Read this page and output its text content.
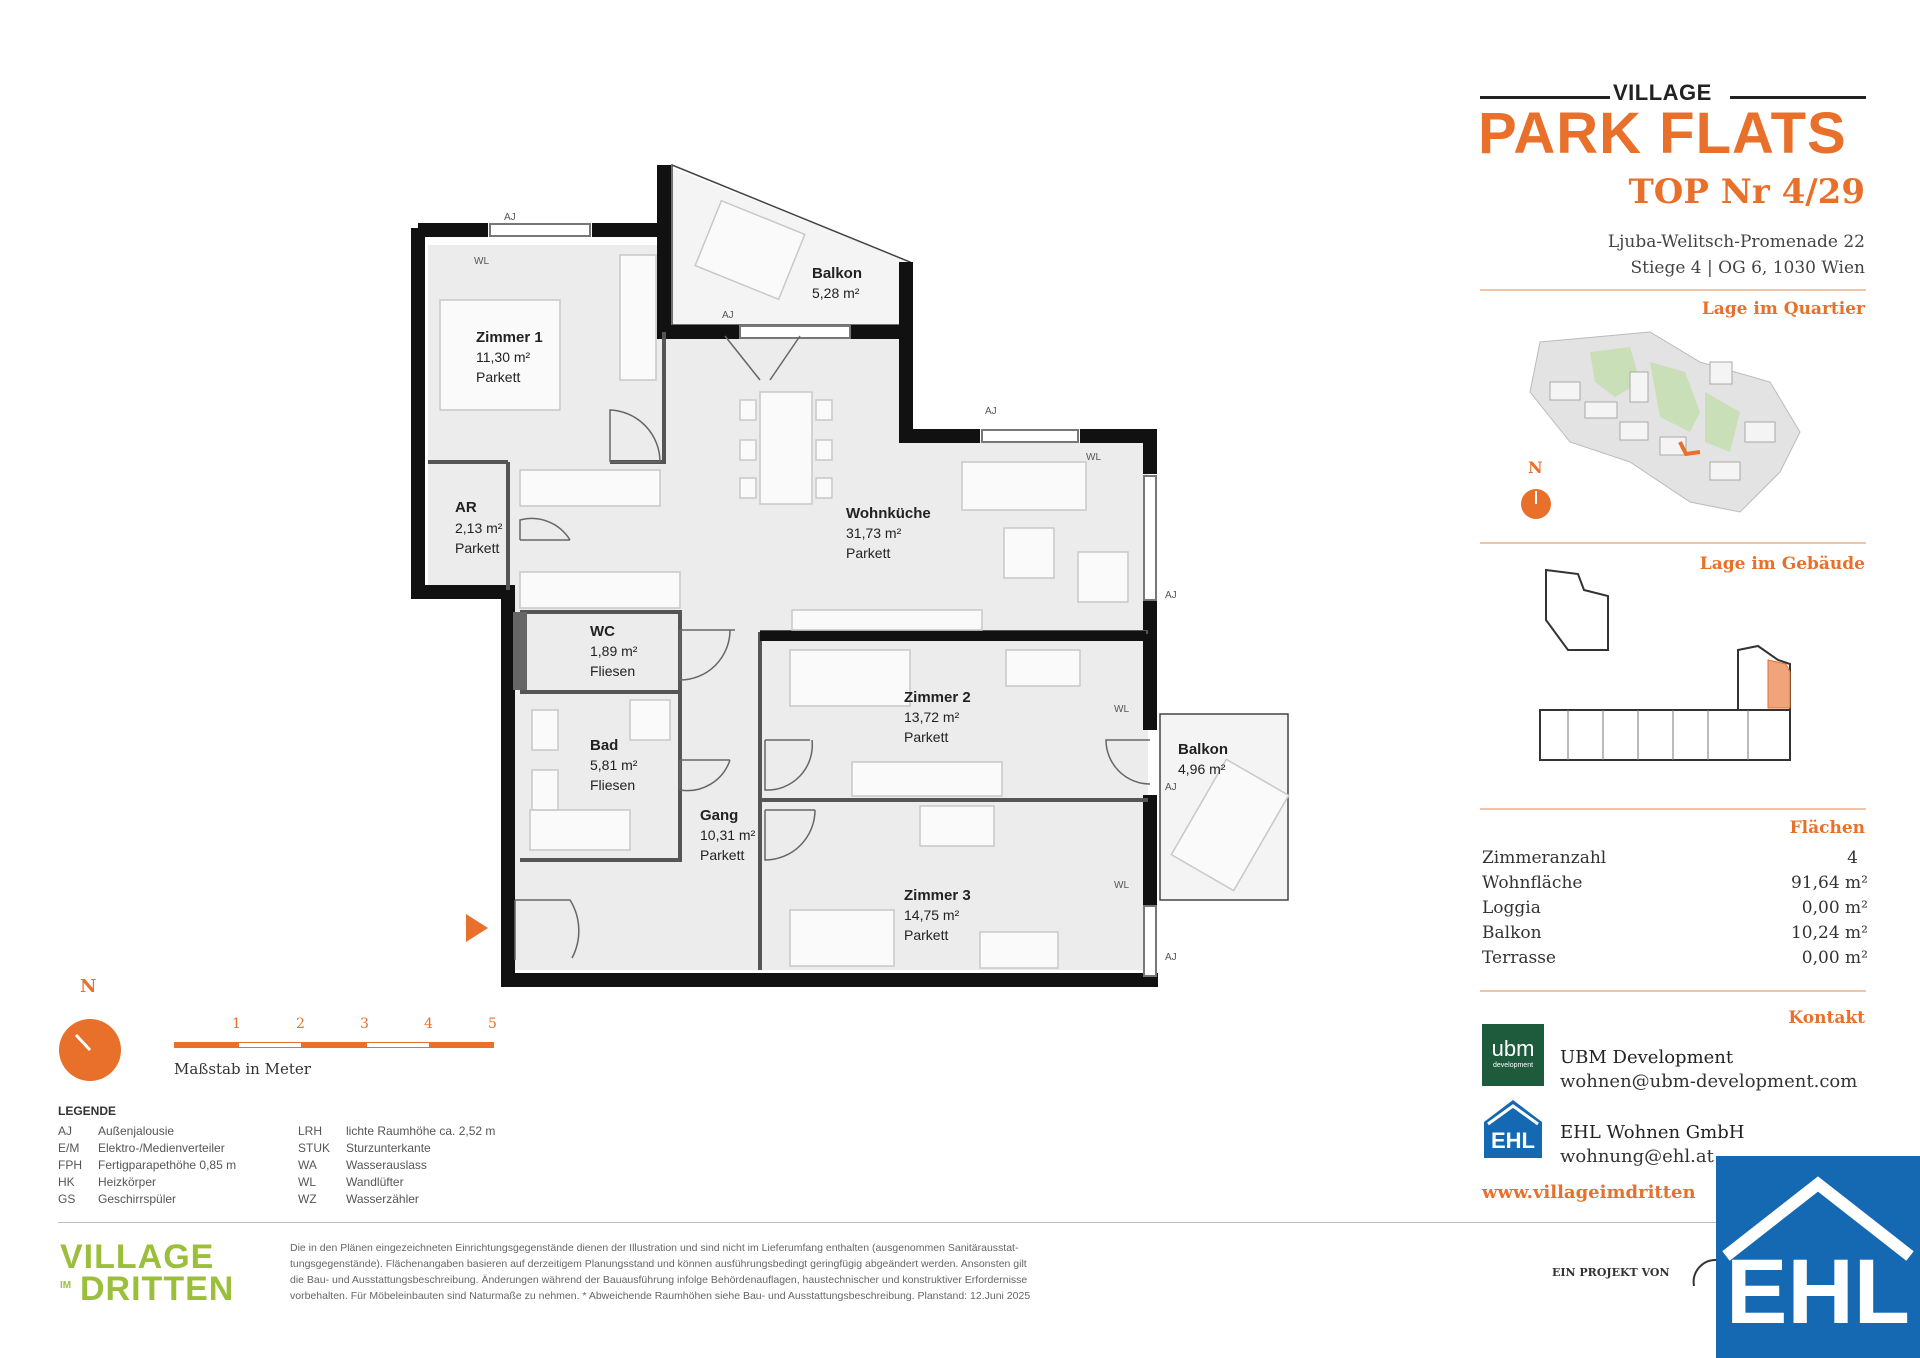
VILLAGE
PARK FLATS
TOP Nr 4/29
Ljuba-Welitsch-Promenade 22
Stiege 4 | OG 6, 1030 Wien
Lage im Quartier
N
Lage im Gebäude
Flächen
Zimmeranzahl	4
Wohnfläche	91,64 m²
Loggia	0,00 m²
Balkon	10,24 m²
Terrasse	0,00 m²
Kontakt
ubm
development	UBM Development
wohnen@ubm-development.com
EHL	EHL Wohnen GmbH
wohnung@ehl.at
www.villageimdritten
AJ
WL
AJ
AJ
WL
AJ
WL
AJ
WL
AJ
Balkon
5,28 m²
Zimmer 1
11,30 m²
Parkett
AR
2,13 m²
Parkett
Wohnküche
31,73 m²
Parkett
WC
1,89 m²
Fliesen
Bad
5,81 m²
Fliesen
Gang
10,31 m²
Parkett
Zimmer 2
13,72 m²
Parkett
Zimmer 3
14,75 m²
Parkett
Balkon
4,96 m²
N
1	2	3	4	5
Maßstab in Meter
LEGENDE
AJ Außenjalousie
E/M Elektro-/Medienverteiler
FPH Fertigparapethöhe 0,85 m
HK Heizkörper
GS Geschirrspüler
LRH lichte Raumhöhe ca. 2,52 m
STUK Sturzunterkante
WA Wasserauslass
WL	Wandlüfter
WZ Wasserzähler
VILLAGE
IM DRITTEN
Die in den Plänen eingezeichneten Einrichtungsgegenstände dienen der Illustration und sind nicht im Lieferumfang enthalten (ausgenommen Sanitärausstat-
tungsgegenstände). Flächenangaben basieren auf derzeitigem Planungsstand und können ausführungsbedingt geringfügig abgeändert werden. Ansonsten gilt
die Bau- und Ausstattungsbeschreibung. Änderungen während der Bauausführung infolge Behördenauflagen, haustechnischer und konstruktiver Erfordernisse
vorbehalten. Für Möbeleinbauten sind Naturmaße zu nehmen. * Abweichende Raumhöhen siehe Bau- und Ausstattungsbeschreibung. Planstand: 12.Juni 2025
EIN PROJEKT VON EHL
